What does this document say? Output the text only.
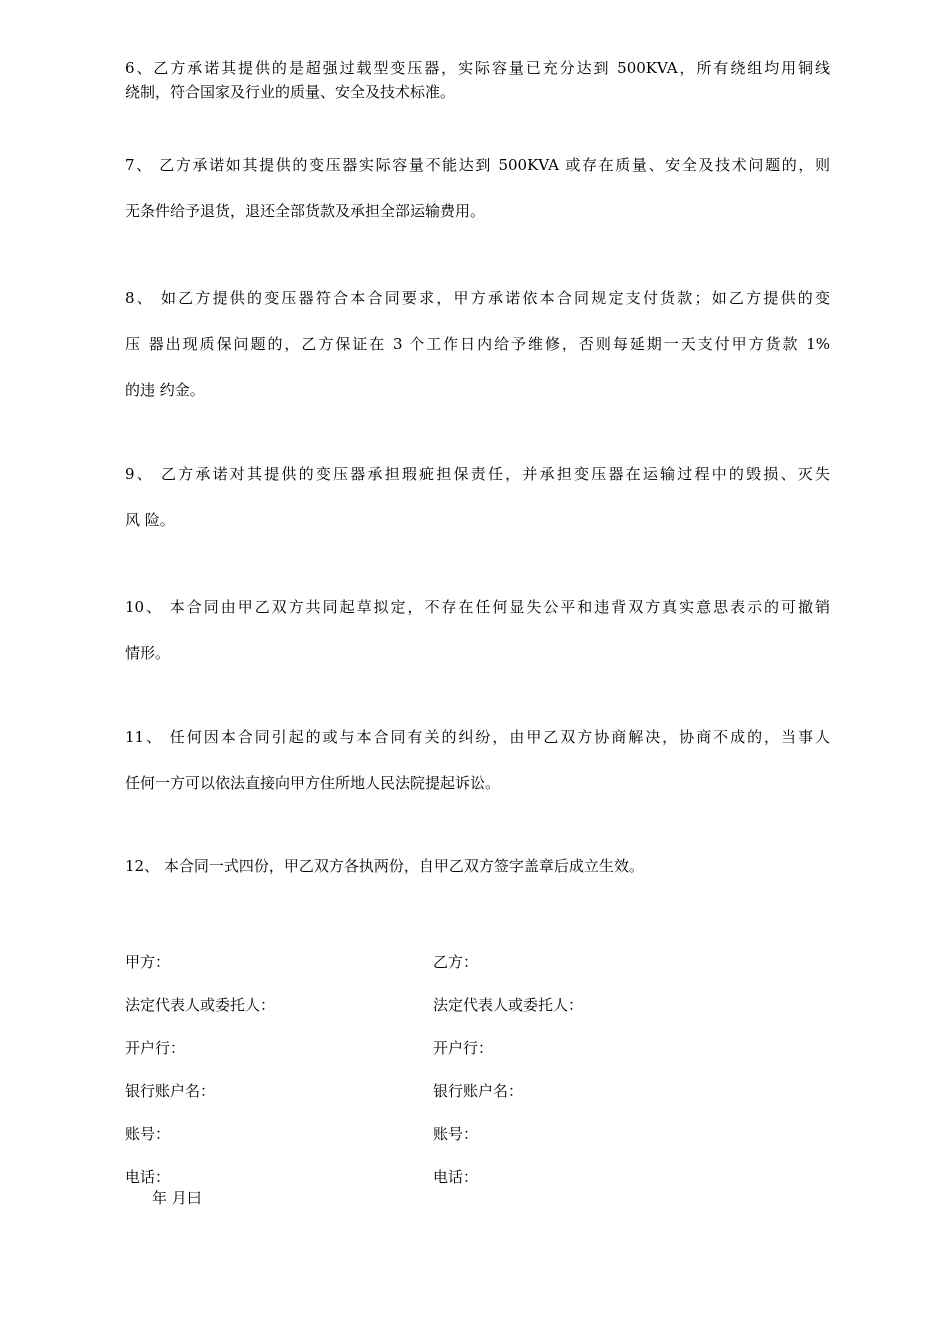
6、乙方承诺其提供的是超强过载型变压器，实际容量已充分达到 500KVA，所有绕组均用铜线
绕制，符合国家及行业的质量、安全及技术标准。
7、 乙方承诺如其提供的变压器实际容量不能达到 500KVA 或存在质量、安全及技术问题的，则
无条件给予退货，退还全部货款及承担全部运输费用。
8、 如乙方提供的变压器符合本合同要求，甲方承诺依本合同规定支付货款；如乙方提供的变
压 器出现质保问题的，乙方保证在 3 个工作日内给予维修，否则每延期一天支付甲方货款 1%
的违 约金。
9、 乙方承诺对其提供的变压器承担瑕疵担保责任，并承担变压器在运输过程中的毁损、灭失
风 险。
10、 本合同由甲乙双方共同起草拟定，不存在任何显失公平和违背双方真实意思表示的可撤销
情形。
11、 任何因本合同引起的或与本合同有关的纠纷，由甲乙双方协商解决，协商不成的，当事人
任何一方可以依法直接向甲方住所地人民法院提起诉讼。
12、 本合同一式四份，甲乙双方各执两份，自甲乙双方签字盖章后成立生效。
甲方：
法定代表人或委托人：
开户行：
银行账户名：
账号：
电话：
乙方：
法定代表人或委托人：
开户行：
银行账户名：
账号：
电话：
年 月曰
